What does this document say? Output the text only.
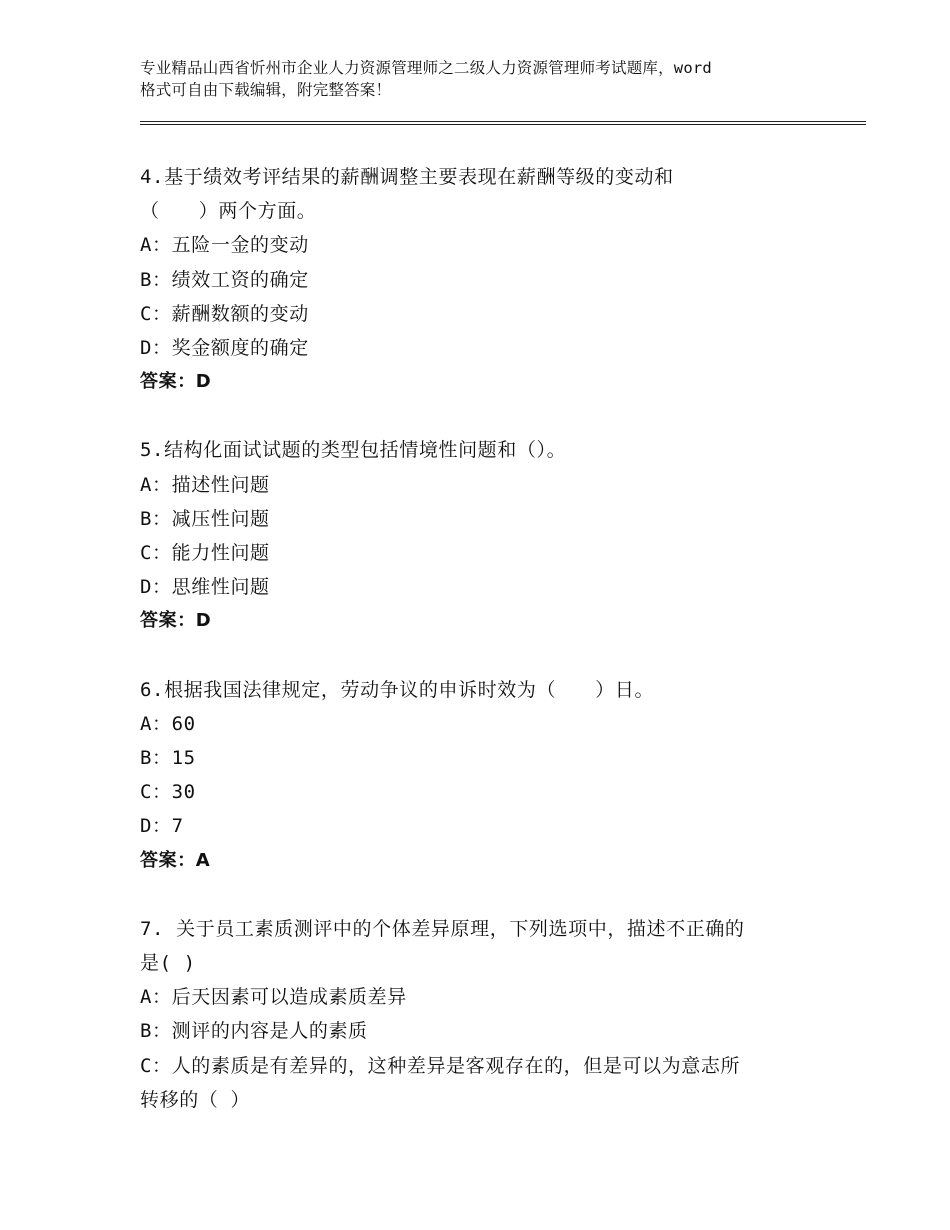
专业精品山西省忻州市企业人力资源管理师之二级人力资源管理师考试题库，word
格式可自由下载编辑，附完整答案！
4.基于绩效考评结果的薪酬调整主要表现在薪酬等级的变动和
（　　）两个方面。
A：五险一金的变动
B：绩效工资的确定
C：薪酬数额的变动
D：奖金额度的确定
答案：D
5.结构化面试试题的类型包括情境性问题和（）。
A：描述性问题
B：减压性问题
C：能力性问题
D：思维性问题
答案：D
6.根据我国法律规定，劳动争议的申诉时效为（　　）日。
A：60
B：15
C：30
D：7
答案：A
7. 关于员工素质测评中的个体差异原理，下列选项中，描述不正确的
是( )
A：后天因素可以造成素质差异
B：测评的内容是人的素质
C：人的素质是有差异的，这种差异是客观存在的，但是可以为意志所
转移的（ ）
